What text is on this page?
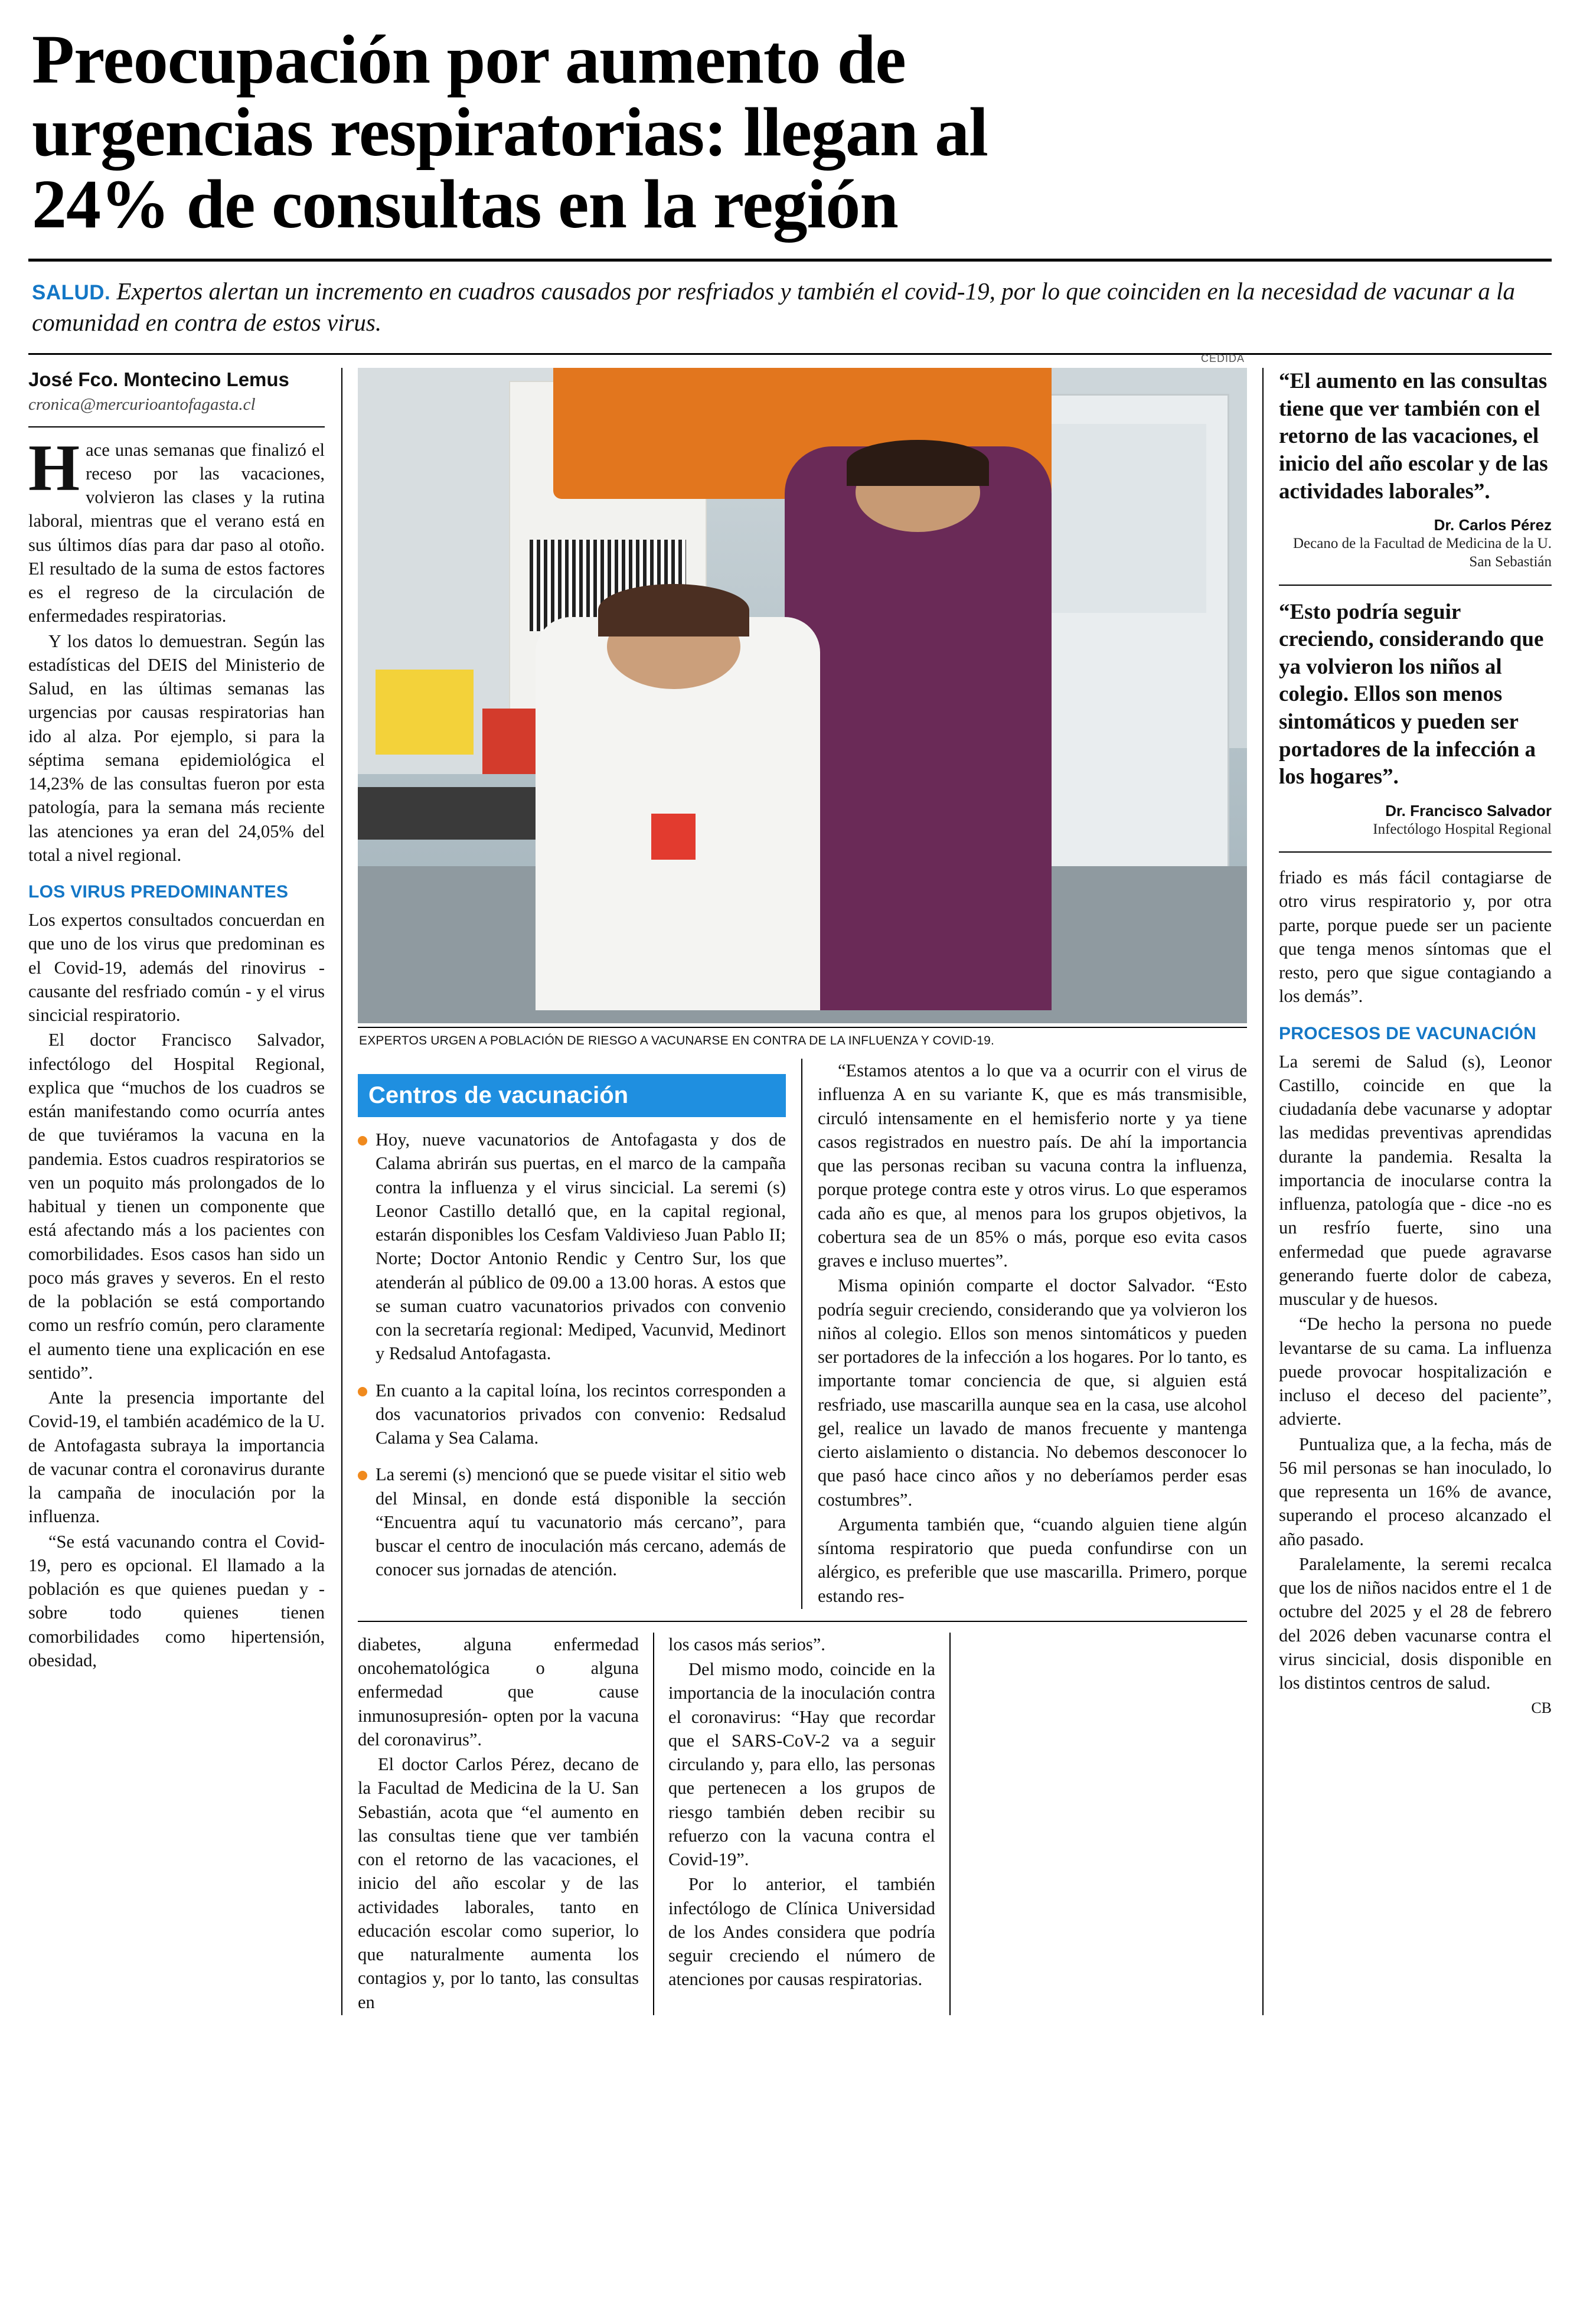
Preocupación por aumento de
urgencias respiratorias: llegan al
24% de consultas en la región
SALUD. Expertos alertan un incremento en cuadros causados por resfriados y también el covid-19, por lo que coinciden en la necesidad de vacunar a la comunidad en contra de estos virus.
José Fco. Montecino Lemus
cronica@mercurioantofagasta.cl

Hace unas semanas que finalizó el receso por las vacaciones, volvieron las clases y la rutina laboral, mientras que el verano está en sus últimos días para dar paso al otoño. El resultado de la suma de estos factores es el regreso de la circulación de enfermedades respiratorias.

Y los datos lo demuestran. Según las estadísticas del DEIS del Ministerio de Salud, en las últimas semanas las urgencias por causas respiratorias han ido al alza. Por ejemplo, si para la séptima semana epidemiológica el 14,23% de las consultas fueron por esta patología, para la semana más reciente las atenciones ya eran del 24,05% del total a nivel regional.

LOS VIRUS PREDOMINANTES

Los expertos consultados concuerdan en que uno de los virus que predominan es el Covid-19, además del rinovirus - causante del resfriado común - y el virus sincicial respiratorio.

El doctor Francisco Salvador, infectólogo del Hospital Regional, explica que “muchos de los cuadros se están manifestando como ocurría antes de que tuviéramos la vacuna en la pandemia. Estos cuadros respiratorios se ven un poquito más prolongados de lo habitual y tienen un componente que está afectando más a los pacientes con comorbilidades. Esos casos han sido un poco más graves y severos. En el resto de la población se está comportando como un resfrío común, pero claramente el aumento tiene una explicación en ese sentido”.

Ante la presencia importante del Covid-19, el también académico de la U. de Antofagasta subraya la importancia de vacunar contra el coronavirus durante la campaña de inoculación por la influenza.

“Se está vacunando contra el Covid-19, pero es opcional. El llamado a la población es que quienes puedan y -sobre todo quienes tienen comorbilidades como hipertensión, obesidad,

CEDIDA
EXPERTOS URGEN A POBLACIÓN DE RIESGO A VACUNARSE EN CONTRA DE LA INFLUENZA Y COVID-19.
Centros de vacunación
Hoy, nueve vacunatorios de Antofagasta y dos de Calama abrirán sus puertas, en el marco de la campaña contra la influenza y el virus sincicial. La seremi (s) Leonor Castillo detalló que, en la capital regional, estarán disponibles los Cesfam Valdivieso Juan Pablo II; Norte; Doctor Antonio Rendic y Centro Sur, los que atenderán al público de 09.00 a 13.00 horas. A estos que se suman cuatro vacunatorios privados con convenio con la secretaría regional: Mediped, Vacunvid, Medinort y Redsalud Antofagasta.
En cuanto a la capital loína, los recintos corresponden a dos vacunatorios privados con convenio: Redsalud Calama y Sea Calama.
La seremi (s) mencionó que se puede visitar el sitio web del Minsal, en donde está disponible la sección “Encuentra aquí tu vacunatorio más cercano”, para buscar el centro de inoculación más cercano, además de conocer sus jornadas de atención.

“Estamos atentos a lo que va a ocurrir con el virus de influenza A en su variante K, que es más transmisible, circuló intensamente en el hemisferio norte y ya tiene casos registrados en nuestro país. De ahí la importancia que las personas reciban su vacuna contra la influenza, porque protege contra este y otros virus. Lo que esperamos cada año es que, al menos para los grupos objetivos, la cobertura sea de un 85% o más, porque eso evita casos graves e incluso muertes”.

Misma opinión comparte el doctor Salvador. “Esto podría seguir creciendo, considerando que ya volvieron los niños al colegio. Ellos son menos sintomáticos y pueden ser portadores de la infección a los hogares. Por lo tanto, es importante tomar conciencia de que, si alguien está resfriado, use mascarilla aunque sea en la casa, use alcohol gel, realice un lavado de manos frecuente y mantenga cierto aislamiento o distancia. No debemos desconocer lo que pasó hace cinco años y no deberíamos perder esas costumbres”.

Argumenta también que, “cuando alguien tiene algún síntoma respiratorio que pueda confundirse con un alérgico, es preferible que use mascarilla. Primero, porque estando res-

diabetes, alguna enfermedad oncohematológica o alguna enfermedad que cause inmunosupresión- opten por la vacuna del coronavirus”.

El doctor Carlos Pérez, decano de la Facultad de Medicina de la U. San Sebastián, acota que “el aumento en las consultas tiene que ver también con el retorno de las vacaciones, el inicio del año escolar y de las actividades laborales, tanto en educación escolar como superior, lo que naturalmente aumenta los contagios y, por lo tanto, las consultas en

los casos más serios”.

Del mismo modo, coincide en la importancia de la inoculación contra el coronavirus: “Hay que recordar que el SARS-CoV-2 va a seguir circulando y, para ello, las personas que pertenecen a los grupos de riesgo también deben recibir su refuerzo con la vacuna contra el Covid-19”.

Por lo anterior, el también infectólogo de Clínica Universidad de los Andes considera que podría seguir creciendo el número de atenciones por causas respiratorias.

“El aumento en las consultas tiene que ver también con el retorno de las vacaciones, el inicio del año escolar y de las actividades laborales”.
Dr. Carlos Pérez
Decano de la Facultad de Medicina de la U. San Sebastián
“Esto podría seguir creciendo, considerando que ya volvieron los niños al colegio. Ellos son menos sintomáticos y pueden ser portadores de la infección a los hogares”.
Dr. Francisco Salvador
Infectólogo Hospital Regional

friado es más fácil contagiarse de otro virus respiratorio y, por otra parte, porque puede ser un paciente que tenga menos síntomas que el resto, pero que sigue contagiando a los demás”.

PROCESOS DE VACUNACIÓN

La seremi de Salud (s), Leonor Castillo, coincide en que la ciudadanía debe vacunarse y adoptar las medidas preventivas aprendidas durante la pandemia. Resalta la importancia de inocularse contra la influenza, patología que - dice -no es un resfrío fuerte, sino una enfermedad que puede agravarse generando fuerte dolor de cabeza, muscular y de huesos.

“De hecho la persona no puede levantarse de su cama. La influenza puede provocar hospitalización e incluso el deceso del paciente”, advierte.

Puntualiza que, a la fecha, más de 56 mil personas se han inoculado, lo que representa un 16% de avance, superando el proceso alcanzado el año pasado.

Paralelamente, la seremi recalca que los de niños nacidos entre el 1 de octubre del 2025 y el 28 de febrero del 2026 deben vacunarse contra el virus sincicial, dosis disponible en los distintos centros de salud.

CB
